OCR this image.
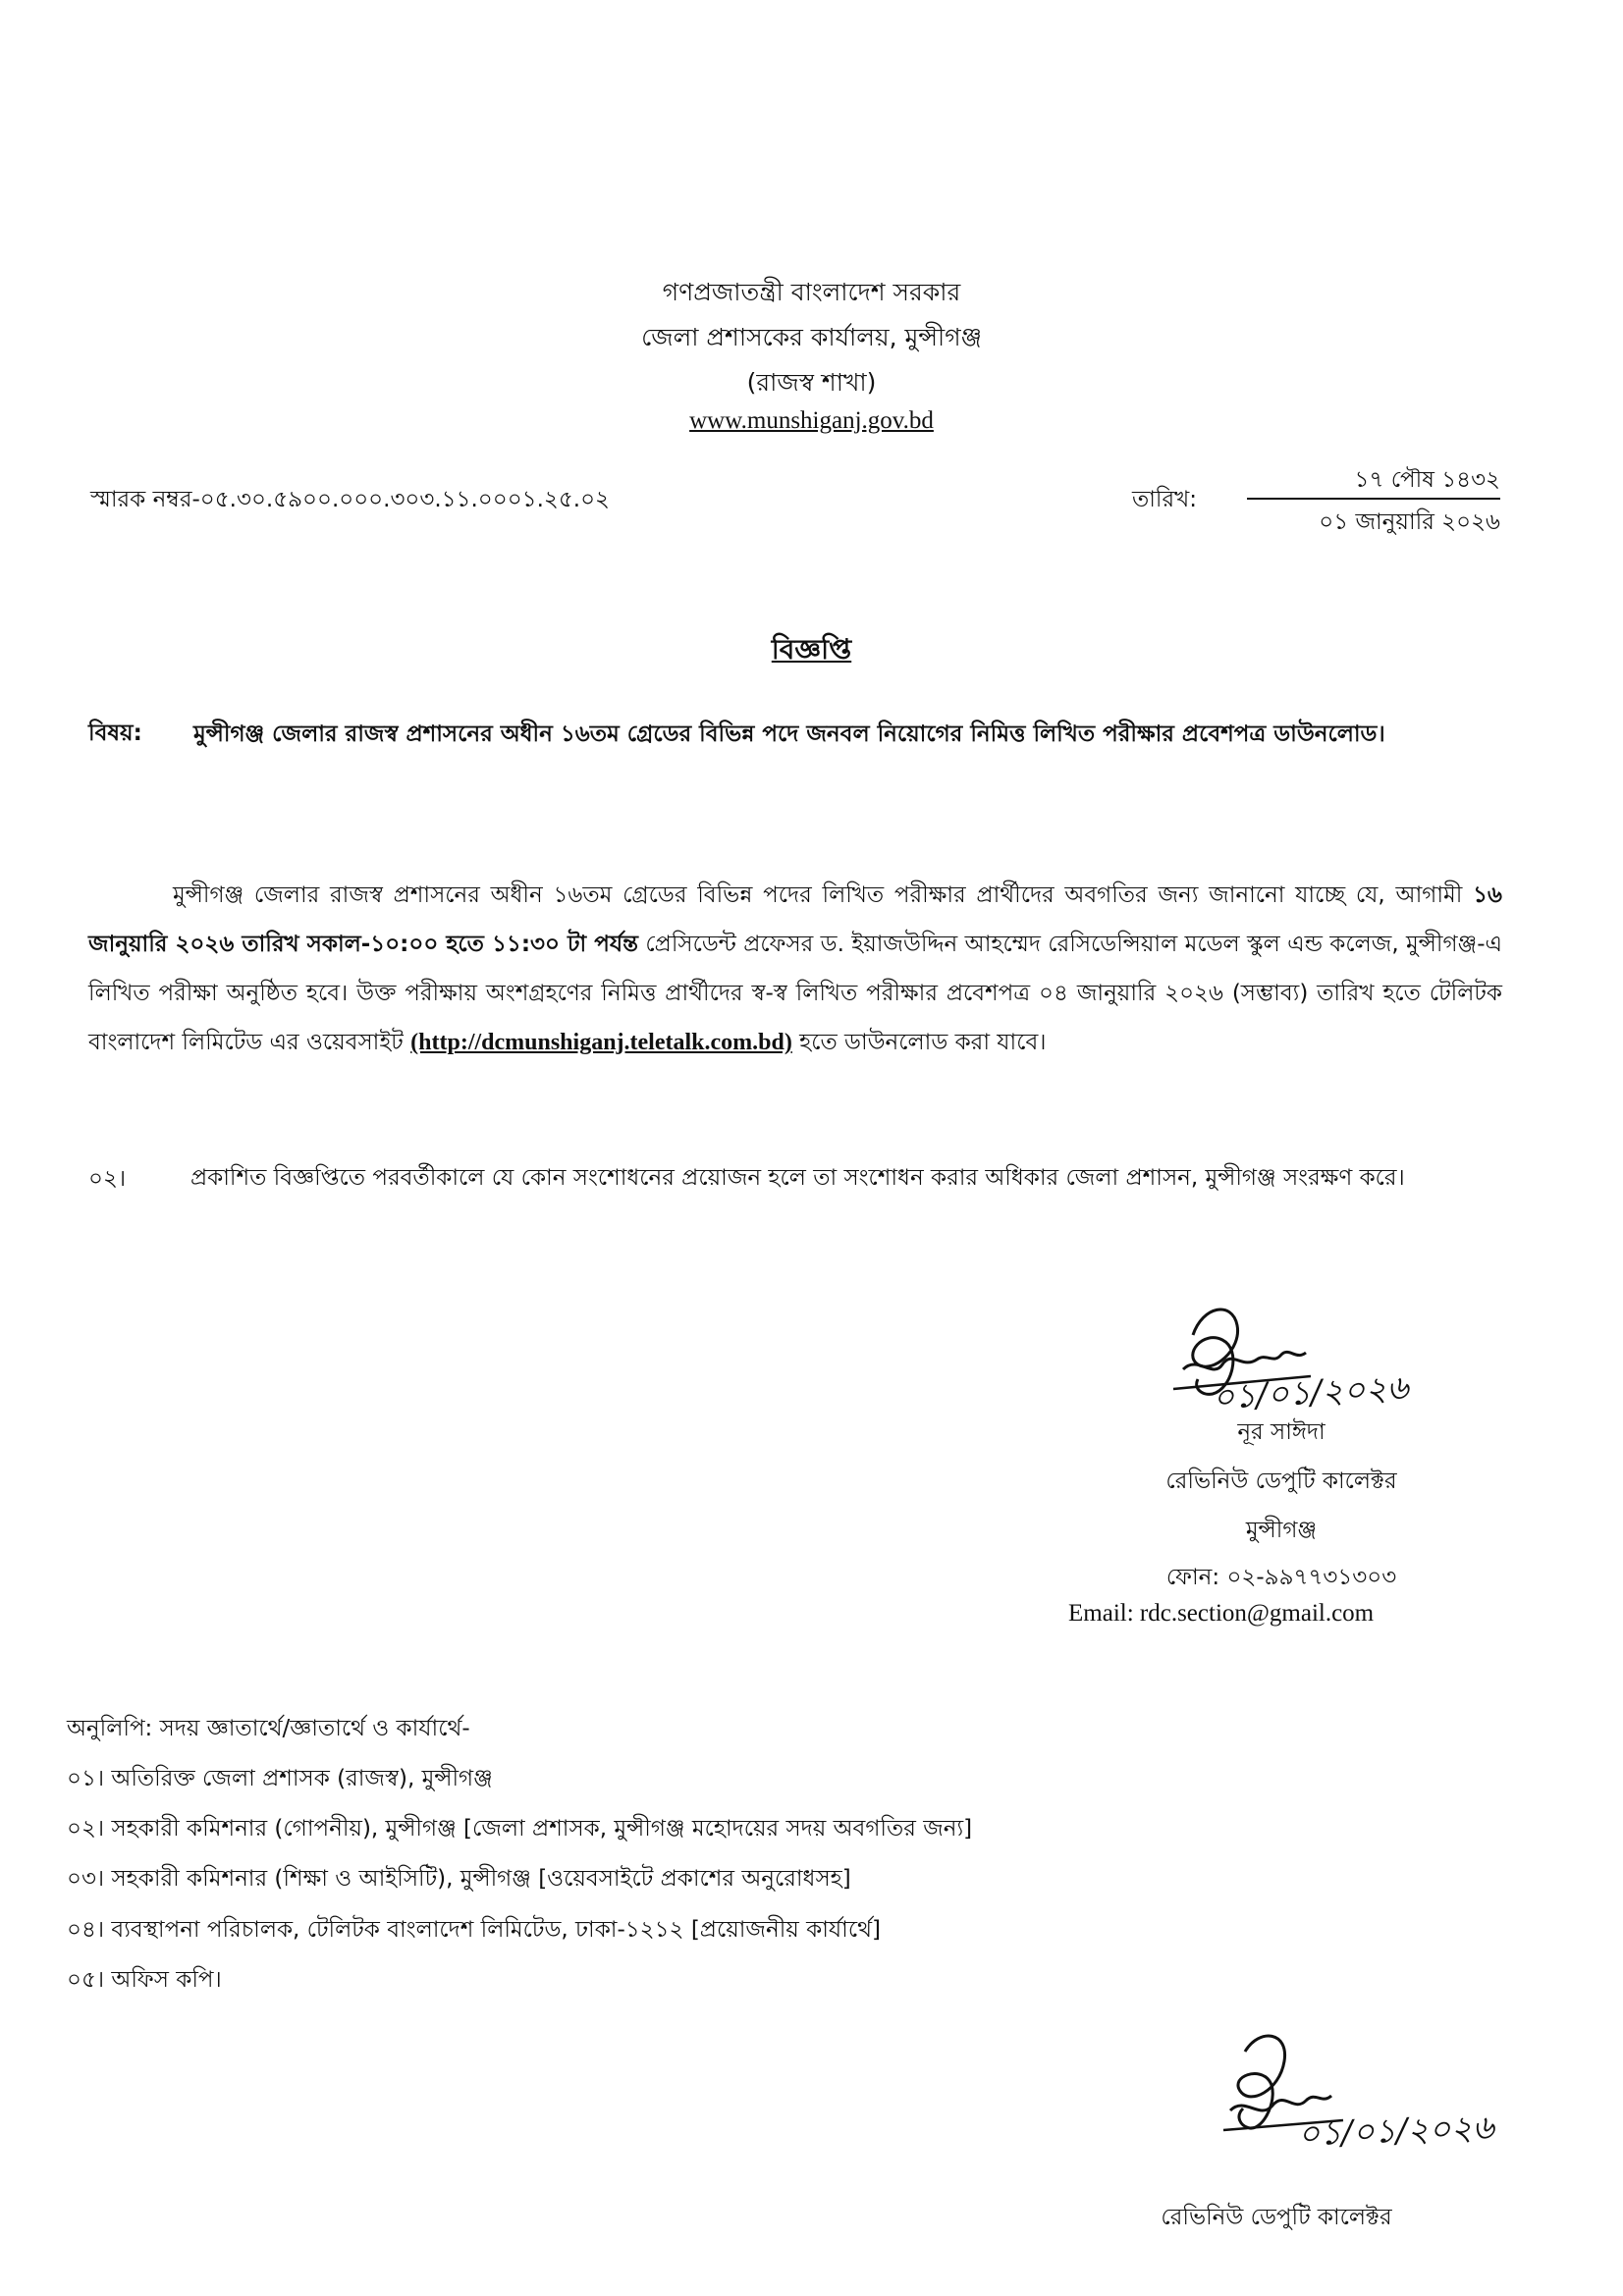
গণপ্রজাতন্ত্রী বাংলাদেশ সরকার
জেলা প্রশাসকের কার্যালয়, মুন্সীগঞ্জ
(রাজস্ব শাখা)
www.munshiganj.gov.bd
স্মারক নম্বর-০৫.৩০.৫৯০০.০০০.৩০৩.১১.০০০১.২৫.০২	তারিখ:
১৭ পৌষ ১৪৩২
০১ জানুয়ারি ২০২৬
বিজ্ঞপ্তি
বিষয়: মুন্সীগঞ্জ জেলার রাজস্ব প্রশাসনের অধীন ১৬তম গ্রেডের বিভিন্ন পদে জনবল নিয়োগের নিমিত্ত লিখিত পরীক্ষার প্রবেশপত্র ডাউনলোড।
মুন্সীগঞ্জ জেলার রাজস্ব প্রশাসনের অধীন ১৬তম গ্রেডের বিভিন্ন পদের লিখিত পরীক্ষার প্রার্থীদের অবগতির জন্য জানানো যাচ্ছে যে, আগামী ১৬ জানুয়ারি ২০২৬ তারিখ সকাল-১০:০০ হতে ১১:৩০ টা পর্যন্ত প্রেসিডেন্ট প্রফেসর ড. ইয়াজউদ্দিন আহম্মেদ রেসিডেন্সিয়াল মডেল স্কুল এন্ড কলেজ, মুন্সীগঞ্জ-এ লিখিত পরীক্ষা অনুষ্ঠিত হবে। উক্ত পরীক্ষায় অংশগ্রহণের নিমিত্ত প্রার্থীদের স্ব-স্ব লিখিত পরীক্ষার প্রবেশপত্র ০৪ জানুয়ারি ২০২৬ (সম্ভাব্য) তারিখ হতে টেলিটক বাংলাদেশ লিমিটেড এর ওয়েবসাইট (http://dcmunshiganj.teletalk.com.bd) হতে ডাউনলোড করা যাবে।
০২।	প্রকাশিত বিজ্ঞপ্তিতে পরবর্তীকালে যে কোন সংশোধনের প্রয়োজন হলে তা সংশোধন করার অধিকার জেলা প্রশাসন, মুন্সীগঞ্জ সংরক্ষণ করে।
০১/০১/২০২৬
নূর সাঈদা
রেভিনিউ ডেপুটি কালেক্টর
মুন্সীগঞ্জ
ফোন: ০২-৯৯৭৭৩১৩০৩
Email: rdc.section@gmail.com
অনুলিপি: সদয় জ্ঞাতার্থে/জ্ঞাতার্থে ও কার্যার্থে-
০১। অতিরিক্ত জেলা প্রশাসক (রাজস্ব), মুন্সীগঞ্জ
০২। সহকারী কমিশনার (গোপনীয়), মুন্সীগঞ্জ [জেলা প্রশাসক, মুন্সীগঞ্জ মহোদয়ের সদয় অবগতির জন্য]
০৩। সহকারী কমিশনার (শিক্ষা ও আইসিটি), মুন্সীগঞ্জ [ওয়েবসাইটে প্রকাশের অনুরোধসহ]
০৪। ব্যবস্থাপনা পরিচালক, টেলিটক বাংলাদেশ লিমিটেড, ঢাকা-১২১২ [প্রয়োজনীয় কার্যার্থে]
০৫। অফিস কপি।
০১/০১/২০২৬
রেভিনিউ ডেপুটি কালেক্টর
